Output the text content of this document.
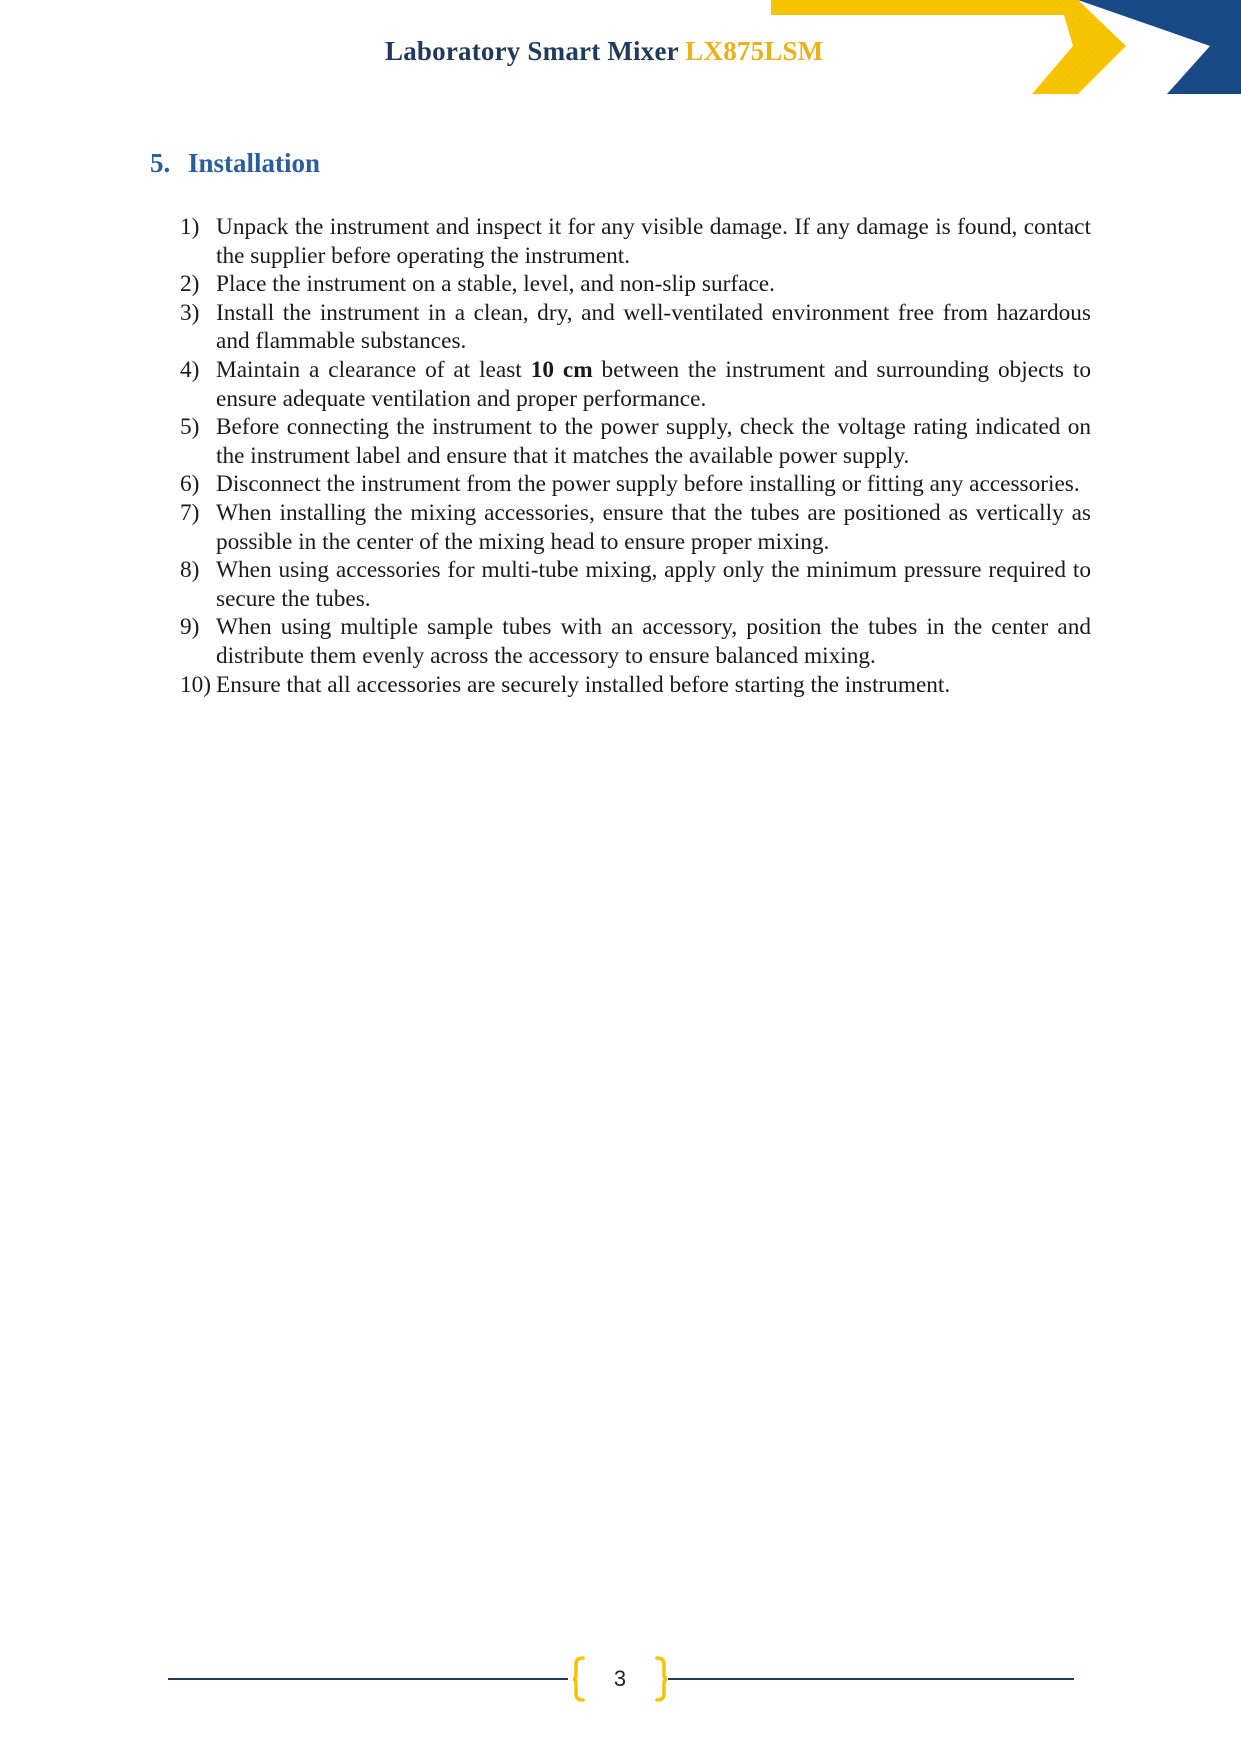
Laboratory Smart Mixer LX875LSM
5. Installation
1) Unpack the instrument and inspect it for any visible damage. If any damage is found, contact the supplier before operating the instrument.
2) Place the instrument on a stable, level, and non-slip surface.
3) Install the instrument in a clean, dry, and well-ventilated environment free from hazardous and flammable substances.
4) Maintain a clearance of at least 10 cm between the instrument and surrounding objects to ensure adequate ventilation and proper performance.
5) Before connecting the instrument to the power supply, check the voltage rating indicated on the instrument label and ensure that it matches the available power supply.
6) Disconnect the instrument from the power supply before installing or fitting any accessories.
7) When installing the mixing accessories, ensure that the tubes are positioned as vertically as possible in the center of the mixing head to ensure proper mixing.
8) When using accessories for multi-tube mixing, apply only the minimum pressure required to secure the tubes.
9) When using multiple sample tubes with an accessory, position the tubes in the center and distribute them evenly across the accessory to ensure balanced mixing.
10) Ensure that all accessories are securely installed before starting the instrument.
3
